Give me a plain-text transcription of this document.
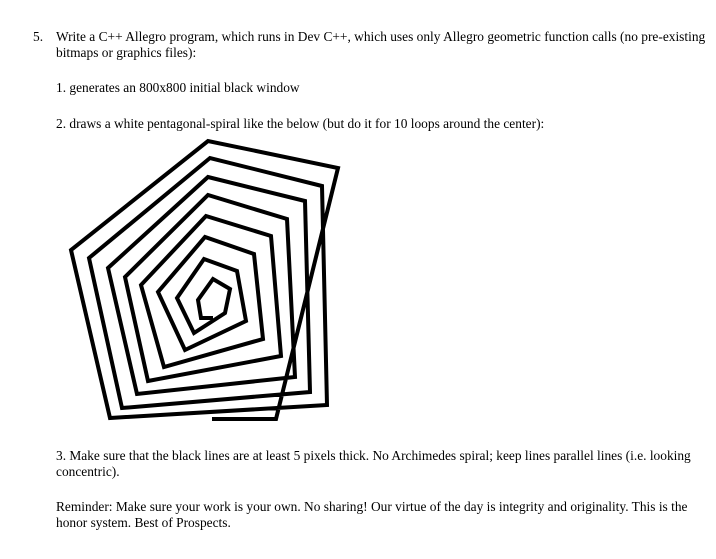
5. Write a C++ Allegro program, which runs in Dev C++, which uses only Allegro geometric function calls (no pre-existing bitmaps or graphics files):
1. generates an 800x800 initial black window
2. draws a white pentagonal-spiral like the below (but do it for 10 loops around the center):
3. Make sure that the black lines are at least 5 pixels thick. No Archimedes spiral; keep lines parallel lines (i.e. looking concentric).
Reminder: Make sure your work is your own. No sharing! Our virtue of the day is integrity and originality. This is the honor system. Best of Prospects.
